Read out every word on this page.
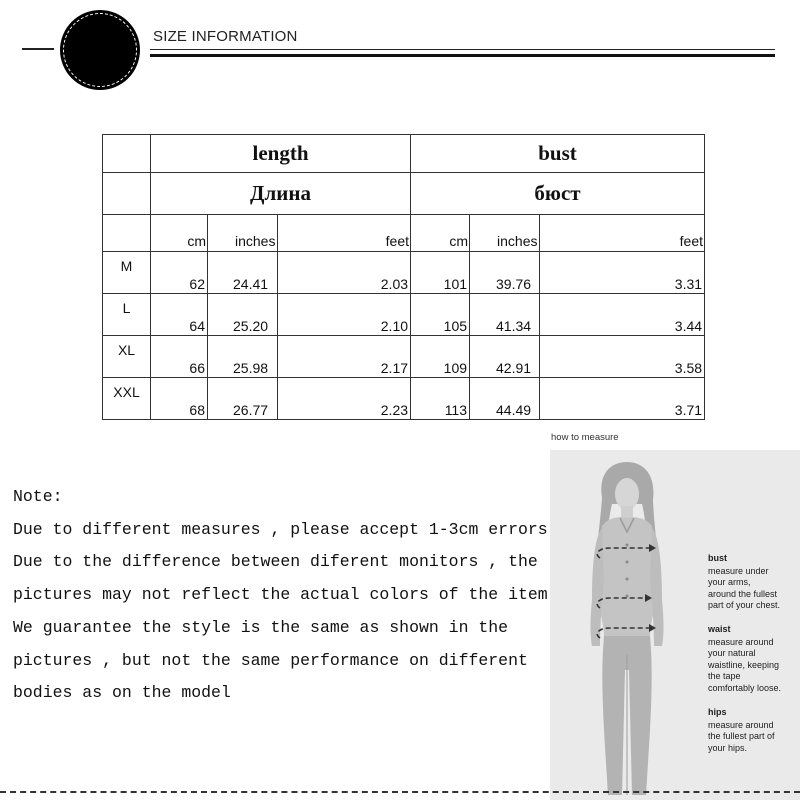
SIZE INFORMATION
	length			bust		
	Длина			бюст		
	cm	inches	feet	cm	inches	feet
M	62	24.41	2.03	101	39.76	3.31
L	64	25.20	2.10	105	41.34	3.44
XL	66	25.98	2.17	109	42.91	3.58
XXL	68	26.77	2.23	113	44.49	3.71
Note:
Due to different measures , please accept 1-3cm errors
Due to the difference between diferent monitors , the
pictures may not reflect the actual colors of the item
We guarantee the style is the same as shown in the
pictures , but not the same performance on different
bodies as on the model
how to measure
bust
measure under
your arms,
around the fullest
part of your chest.
waist
measure around
your natural
waistline, keeping
the tape
comfortably loose.
hips
measure around
the fullest part of
your hips.
